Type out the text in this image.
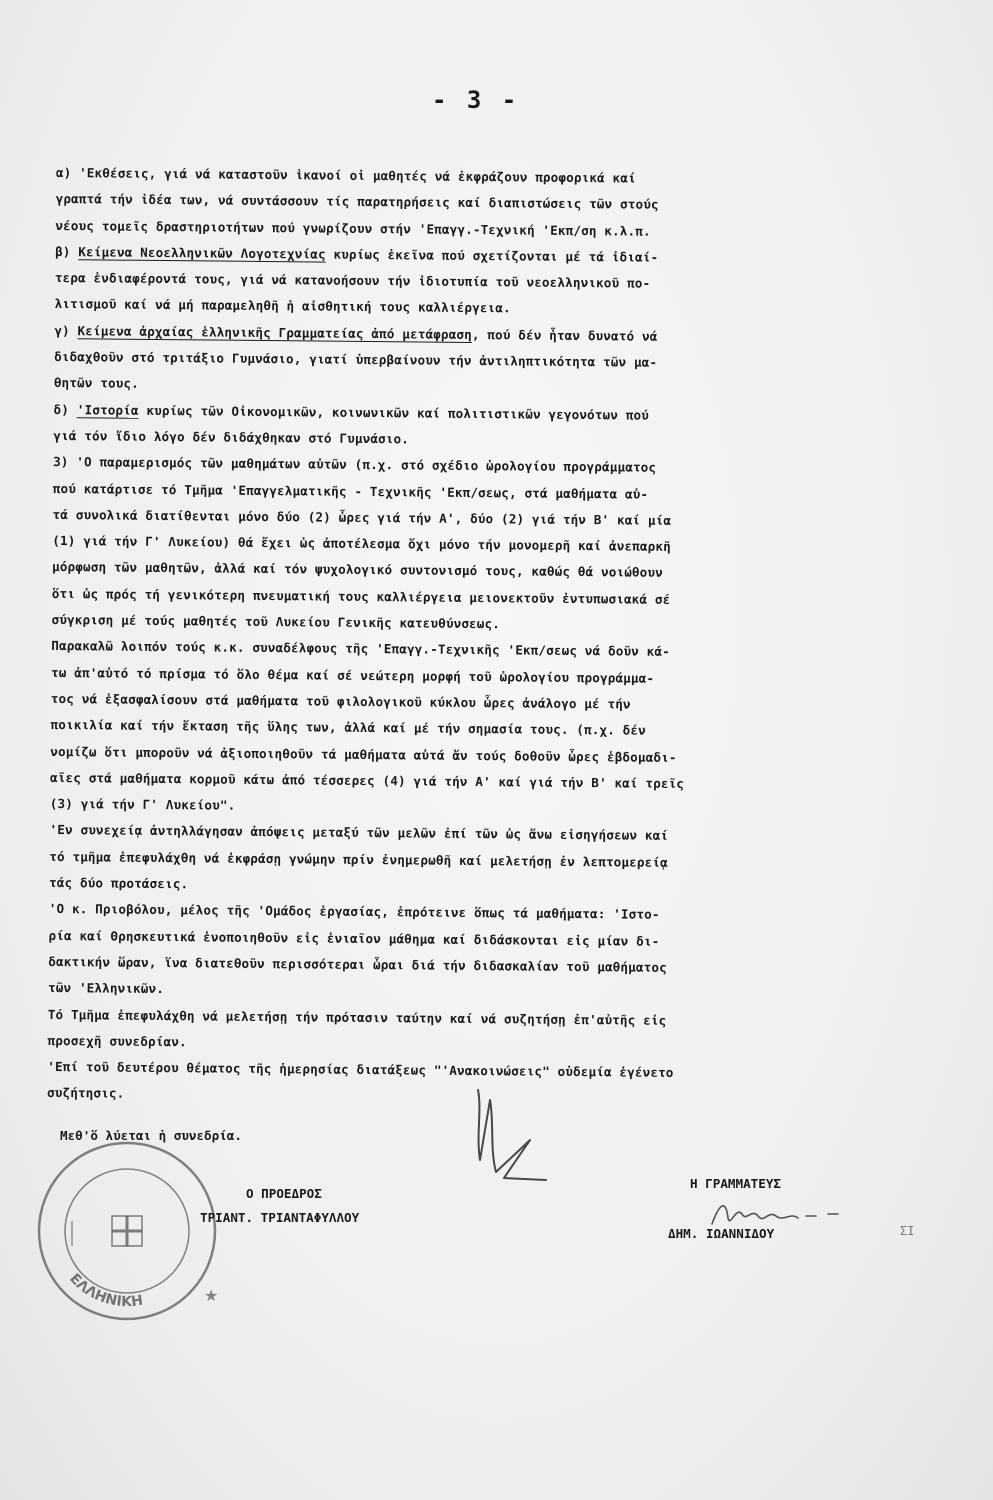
- 3 -
α) 'Εκθέσεις, γιά νά καταστοῦν ἱκανοί οἱ μαθητές νά ἐκφράζουν προφορικά καί
γραπτά τήν ἰδέα των, νά συντάσσουν τίς παρατηρήσεις καί διαπιστώσεις τῶν στούς
νέους τομεῖς δραστηριοτήτων πού γνωρίζουν στήν 'Επαγγ.-Τεχνική 'Εκπ/ση κ.λ.π.
β) Κείμενα Νεοελληνικῶν Λογοτεχνίας κυρίως ἐκεῖνα πού σχετίζονται μέ τά ἰδιαί-
τερα ἐνδιαφέροντά τους, γιά νά κατανοήσουν τήν ἰδιοτυπία τοῦ νεοελληνικοῦ πο-
λιτισμοῦ καί νά μή παραμεληθῆ ἡ αἰσθητική τους καλλιέργεια.
γ) Κείμενα ἀρχαίας ἑλληνικῆς Γραμματείας ἀπό μετάφραση, πού δέν ἦταν δυνατό νά
διδαχθοῦν στό τριτάξιο Γυμνάσιο, γιατί ὑπερβαίνουν τήν ἀντιληπτικότητα τῶν μα-
θητῶν τους.
δ) 'Ιστορία κυρίως τῶν Οἰκονομικῶν, κοινωνικῶν καί πολιτιστικῶν γεγονότων πού
γιά τόν ἴδιο λόγο δέν διδάχθηκαν στό Γυμνάσιο.
3) 'Ο παραμερισμός τῶν μαθημάτων αὐτῶν (π.χ. στό σχέδιο ὡρολογίου προγράμματος
πού κατάρτισε τό Τμῆμα 'Επαγγελματικῆς - Τεχνικῆς 'Εκπ/σεως, στά μαθήματα αὐ-
τά συνολικά διατίθενται μόνο δύο (2) ὧρες γιά τήν Α', δύο (2) γιά τήν Β' καί μία
(1) γιά τήν Γ' Λυκείου) θά ἔχει ὡς ἀποτέλεσμα ὄχι μόνο τήν μονομερῆ καί ἀνεπαρκῆ
μόρφωση τῶν μαθητῶν, ἀλλά καί τόν ψυχολογικό συντονισμό τους, καθώς θά νοιώθουν
ὅτι ὡς πρός τή γενικότερη πνευματική τους καλλιέργεια μειονεκτοῦν ἐντυπωσιακά σέ
σύγκριση μέ τούς μαθητές τοῦ Λυκείου Γενικῆς κατευθύνσεως.
Παρακαλῶ λοιπόν τούς κ.κ. συναδέλφους τῆς 'Επαγγ.-Τεχνικῆς 'Εκπ/σεως νά δοῦν κά-
τω ἀπ'αὐτό τό πρίσμα τό ὅλο θέμα καί σέ νεώτερη μορφή τοῦ ὡρολογίου προγράμμα-
τος νά ἐξασφαλίσουν στά μαθήματα τοῦ φιλολογικοῦ κύκλου ὧρες ἀνάλογο μέ τήν
ποικιλία καί τήν ἔκταση τῆς ὕλης των, ἀλλά καί μέ τήν σημασία τους. (π.χ. δέν
νομίζω ὅτι μποροῦν νά ἀξιοποιηθοῦν τά μαθήματα αὐτά ἄν τούς δοθοῦν ὧρες ἑβδομαδι-
αῖες στά μαθήματα κορμοῦ κάτω ἀπό τέσσερες (4) γιά τήν Α' καί γιά τήν Β' καί τρεῖς
(3) γιά τήν Γ' Λυκείου".
'Εν συνεχείᾳ ἀντηλλάγησαν ἀπόψεις μεταξύ τῶν μελῶν ἐπί τῶν ὡς ἄνω εἰσηγήσεων καί
τό τμῆμα ἐπεφυλάχθη νά ἐκφράσῃ γνώμην πρίν ἐνημερωθῆ καί μελετήσῃ ἐν λεπτομερείᾳ
τάς δύο προτάσεις.
'Ο κ. Πριοβόλου, μέλος τῆς 'Ομάδος ἐργασίας, ἐπρότεινε ὅπως τά μαθήματα: 'Ιστο-
ρία καί Θρησκευτικά ἑνοποιηθοῦν εἰς ἑνιαῖον μάθημα καί διδάσκονται εἰς μίαν δι-
δακτικήν ὥραν, ἵνα διατεθοῦν περισσότεραι ὧραι διά τήν διδασκαλίαν τοῦ μαθήματος
τῶν 'Ελληνικῶν.
Τό Τμῆμα ἐπεφυλάχθη νά μελετήσῃ τήν πρότασιν ταύτην καί νά συζητήσῃ ἐπ'αὐτῆς εἰς
προσεχῆ συνεδρίαν.
'Επί τοῦ δευτέρου θέματος τῆς ἡμερησίας διατάξεως "'Ανακοινώσεις" οὐδεμία ἐγένετο
συζήτησις.
Μεθ'ὅ λύεται ἡ συνεδρία.
ΕΛΛΗΝΙΚΗ	★
Ο ΠΡΟΕΔΡΟΣ
ΤΡΙΑΝΤ. ΤΡΙΑΝΤΑΦΥΛΛΟΥ
Η ΓΡΑΜΜΑΤΕΥΣ
ΔΗΜ. ΙΩΑΝΝΙΔΟΥ	ΣΙ
